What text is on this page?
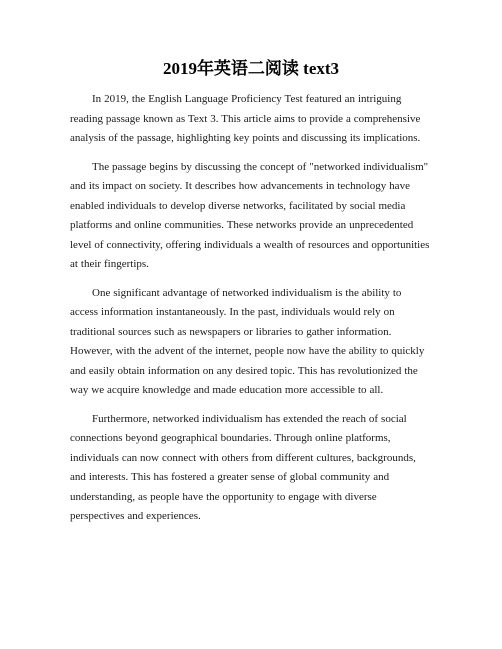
2019年英语二阅读 text3

In 2019, the English Language Proficiency Test featured an intriguing reading passage known as Text 3. This article aims to provide a comprehensive analysis of the passage, highlighting key points and discussing its implications.

The passage begins by discussing the concept of "networked individualism" and its impact on society. It describes how advancements in technology have enabled individuals to develop diverse networks, facilitated by social media platforms and online communities. These networks provide an unprecedented level of connectivity, offering individuals a wealth of resources and opportunities at their fingertips.

One significant advantage of networked individualism is the ability to access information instantaneously. In the past, individuals would rely on traditional sources such as newspapers or libraries to gather information. However, with the advent of the internet, people now have the ability to quickly and easily obtain information on any desired topic. This has revolutionized the way we acquire knowledge and made education more accessible to all.

Furthermore, networked individualism has extended the reach of social connections beyond geographical boundaries. Through online platforms, individuals can now connect with others from different cultures, backgrounds, and interests. This has fostered a greater sense of global community and understanding, as people have the opportunity to engage with diverse perspectives and experiences.
